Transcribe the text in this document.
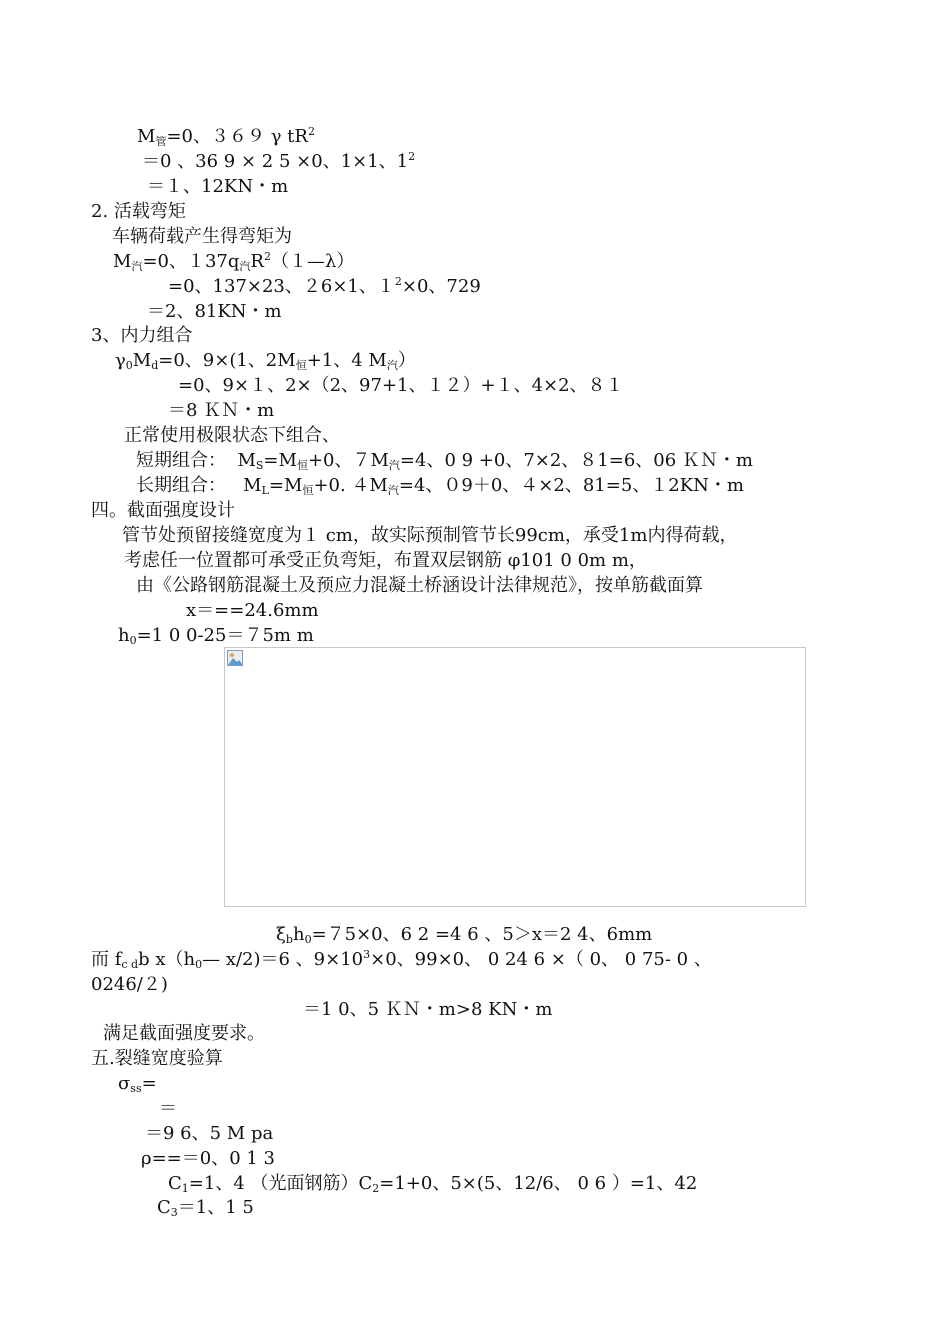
$M_管=0$、３６９ γ $tR^2$
＝0 、36 9 × 2 5 ×0、1×1、$1^2$
＝１、12KN・m
2. 活载弯矩
车辆荷载产生得弯矩为
$M_汽=0$、$137q_汽R^2(1—\lambda)$
=0、137×23、２6×1、$1^2\times 0$、729
＝2、81KN・m
3、内力组合
$\gamma_0M_d=0$、9×(1、$2M_恒+1$、4 $M_汽$）
=0、9×１、2×（2、97+1、１２）+１、4×2、８１
＝8 ＫＮ・m
正常使用极限状态下组合、
短期组合：  $M_S=M_恒+0$、$7M_汽=4$、0 9 +0、7×2、８1=6、06 ＫＮ・m
长期组合：   $M_L=M_恒+0$. $4M_汽=4$、０9＋0、４×2、81=5、１2KN・m
四。截面强度设计
管节处预留接缝宽度为１ cm，故实际预制管节长99cm，承受1m内得荷载，
考虑任一位置都可承受正负弯矩，布置双层钢筋 φ101 0 0m m，
由《公路钢筋混凝土及预应力混凝土桥涵设计法律规范》，按单筋截面算
x＝==24.6mm
$h_0=1$ 0 0-25＝７5m m
$\xi_bh_0=75\times 0$、6 2 =4 6 、5＞x＝2 4、6mm
而 $f_{c d}b$ $x(h_0—$ x/2)＝6 、$9\times 10^3\times 0$、99×0、 0 24 6 ×（ 0、 0 75- 0 、
0246/２)
＝1 0、5 ＫＮ・m>8 KN・m
满足截面强度要求。
五.裂缝宽度验算
$\sigma_{ss}=$
＝
＝9 6、5 M pa
ρ==＝0、0 1 3
$C_1=1$、4 （光面钢筋）$C_2=1+0$、5×(5、12/6、 0 6 ）=1、42
$C_3=1$、1 5
